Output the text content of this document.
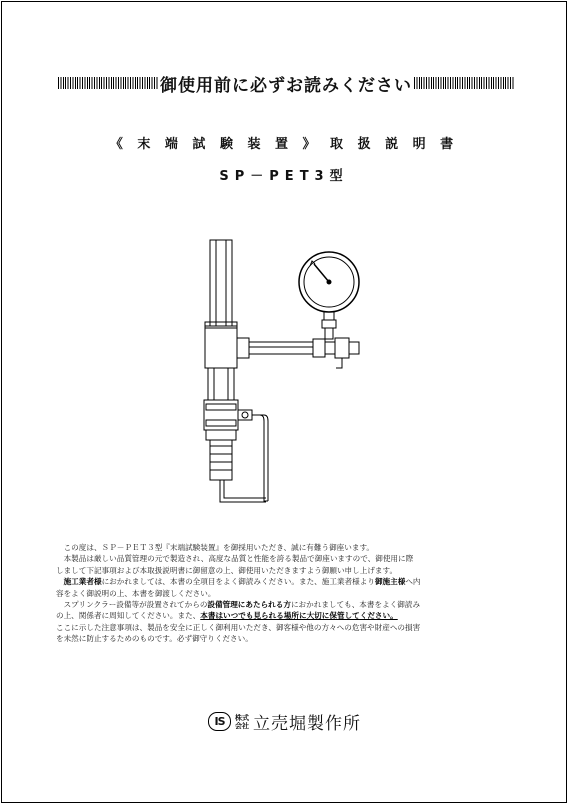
御使用前に必ずお読みください
《 末 端 試 験 装 置 》 取 扱 説 明 書
SP－PET3型

　この度は、ＳＰ－ＰＥＴ３型『末端試験装置』を御採用いただき、誠に有難う御座います。

　本製品は厳しい品質管理の元で製造され、高度な品質と性能を誇る製品で御座いますので、御使用に際

しまして下記事項および本取扱説明書に御留意の上、御使用いただきますよう御願い申し上げます。

　施工業者様におかれましては、本書の全項目をよく御読みください。また、施工業者様より御施主様へ内

容をよく御説明の上、本書を御渡しください。

　スプリンクラー設備等が設置されてからの設備管理にあたられる方におかれましても、本書をよく御読み

の上、関係者に周知してください。また、本書はいつでも見られる場所に大切に保管してください。

ここに示した注意事項は、製品を安全に正しく御利用いただき、御客様や他の方々への危害や財産への損害

を未然に防止するためのものです。必ず御守りください。

IS	株式
会社 立売堀製作所
